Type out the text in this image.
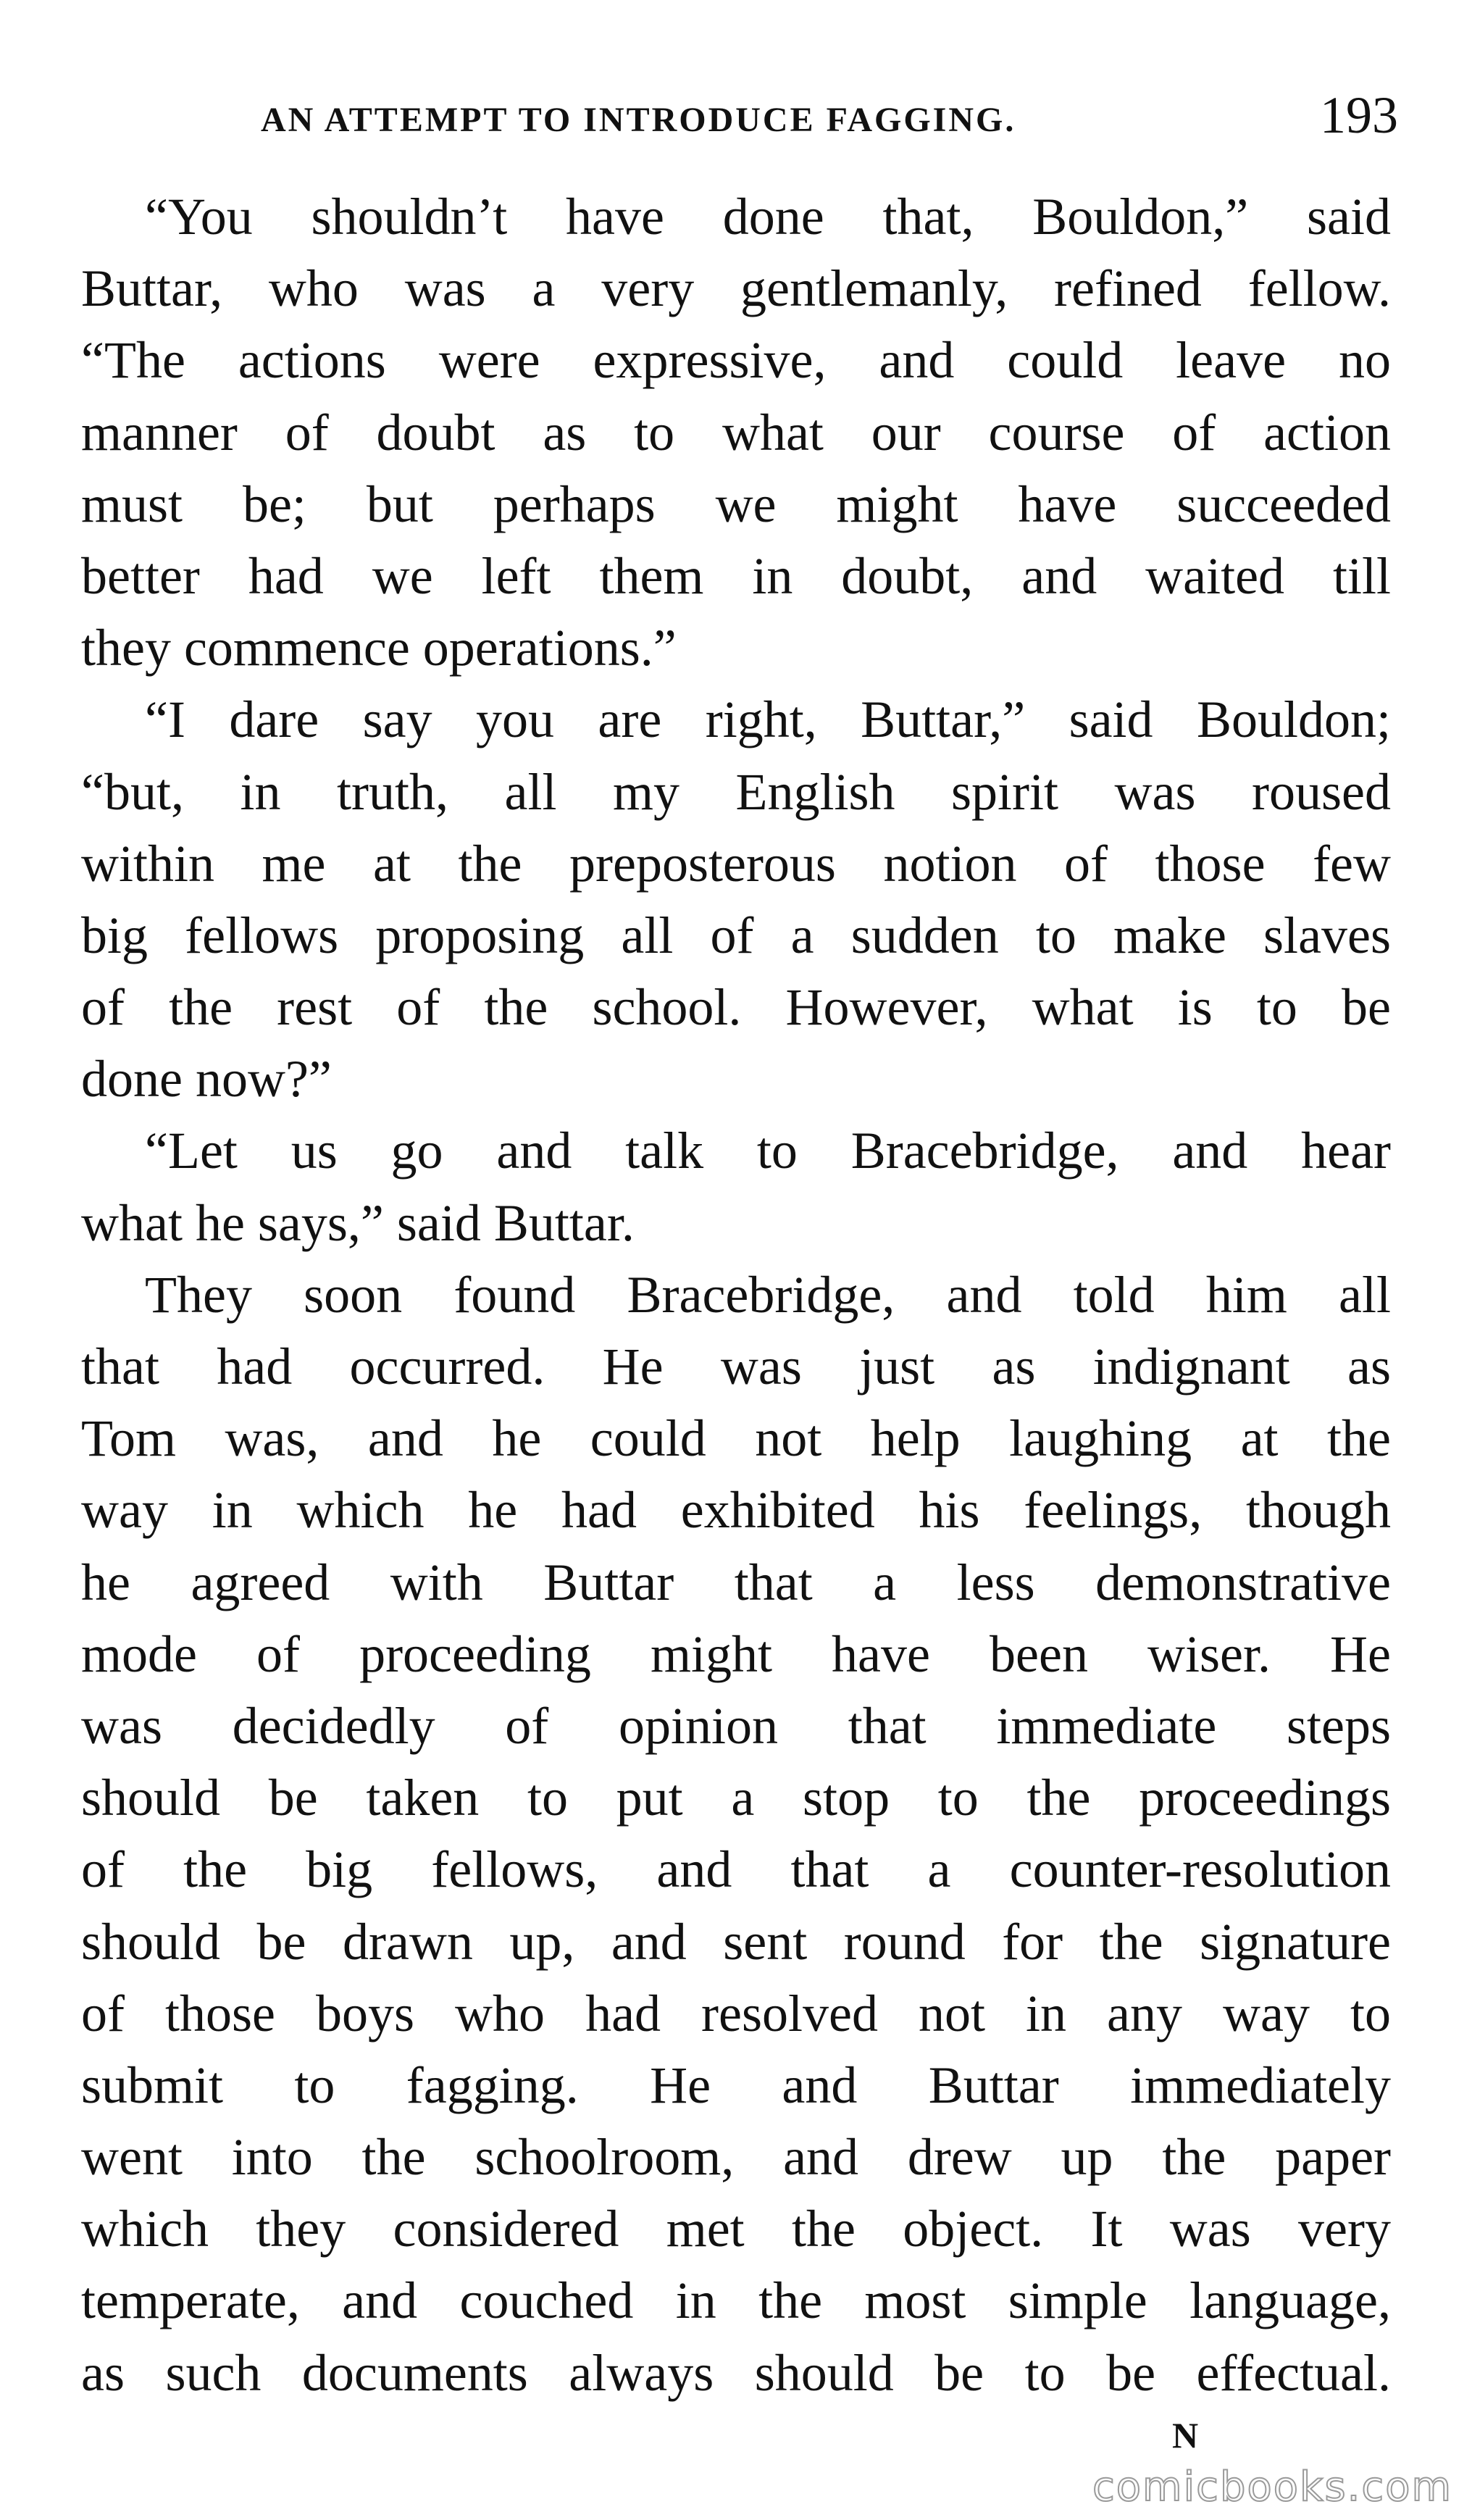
AN ATTEMPT TO INTRODUCE FAGGING.	193
“You shouldn’t have done that, Bouldon,” said
Buttar, who was a very gentlemanly, refined fellow.
“The actions were expressive, and could leave no
manner of doubt as to what our course of action
must be; but perhaps we might have succeeded
better had we left them in doubt, and waited till
they commence operations.”
“I dare say you are right, Buttar,” said Bouldon;
“but, in truth, all my English spirit was roused
within me at the preposterous notion of those few
big fellows proposing all of a sudden to make slaves
of the rest of the school. However, what is to be
done now?”
“Let us go and talk to Bracebridge, and hear
what he says,” said Buttar.
They soon found Bracebridge, and told him all
that had occurred. He was just as indignant as
Tom was, and he could not help laughing at the
way in which he had exhibited his feelings, though
he agreed with Buttar that a less demonstrative
mode of proceeding might have been wiser. He
was decidedly of opinion that immediate steps
should be taken to put a stop to the proceedings
of the big fellows, and that a counter-resolution
should be drawn up, and sent round for the signature
of those boys who had resolved not in any way to
submit to fagging. He and Buttar immediately
went into the schoolroom, and drew up the paper
which they considered met the object. It was very
temperate, and couched in the most simple language,
as such documents always should be to be effectual.
N
comicbooks.com
